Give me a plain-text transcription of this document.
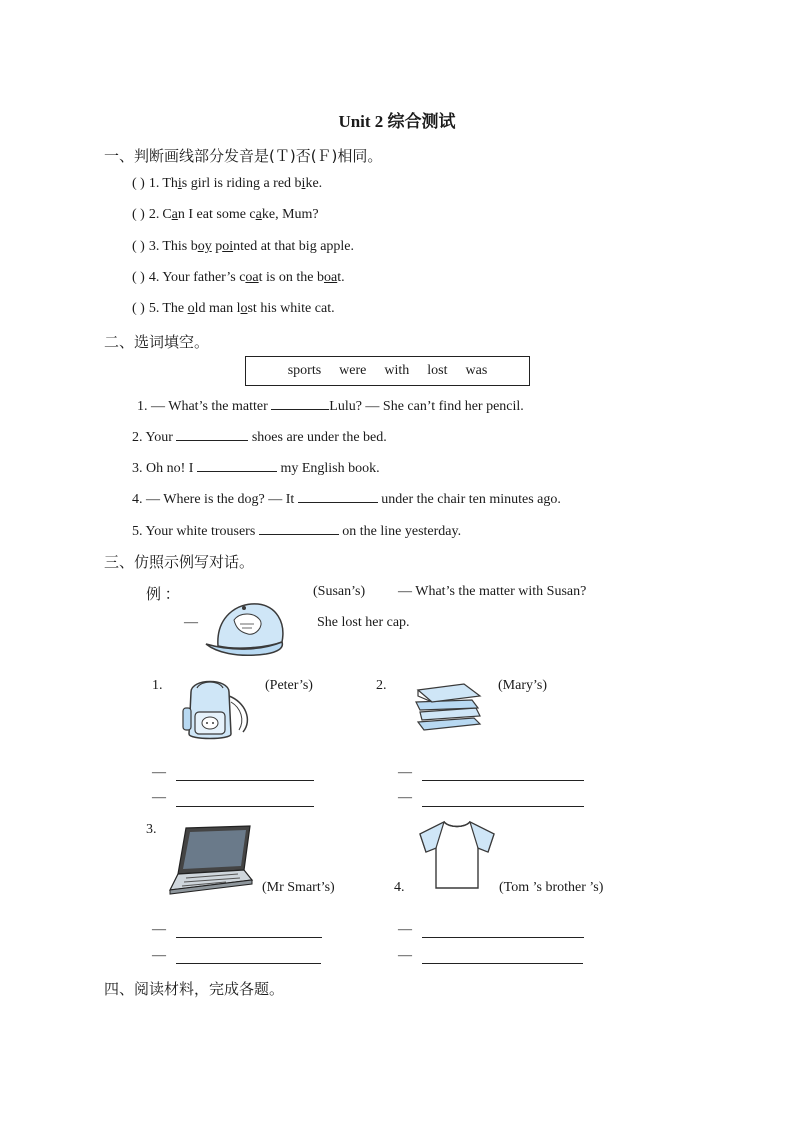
Unit 2 综合测试
一、判断画线部分发音是(Ｔ)否(Ｆ)相同。
( ) 1. This girl is riding a red bike.
( ) 2. Can I eat some cake, Mum?
( ) 3. This boy pointed at that big apple.
( ) 4. Your father’s coat is on the boat.
( ) 5. The old man lost his white cat.
二、选词填空。
sports were with lost was
1. — What’s the matter	Lulu? — She can’t find her pencil.
2. Your	shoes are under the bed.
3. Oh no! I	my English book.
4. — Where is the dog? — It	under the chair ten minutes ago.
5. Your white trousers	on the line yesterday.
三、仿照示例写对话。
例 ：	(Susan’s) — What’s the matter with Susan?
—	She lost her cap.
1.	(Peter’s)	2.	(Mary’s)
—
—
—
—
3.
(Mr Smart’s)	4.	(Tom ’s brother ’s)
—
—
—
—
四、阅读材料，完成各题。
